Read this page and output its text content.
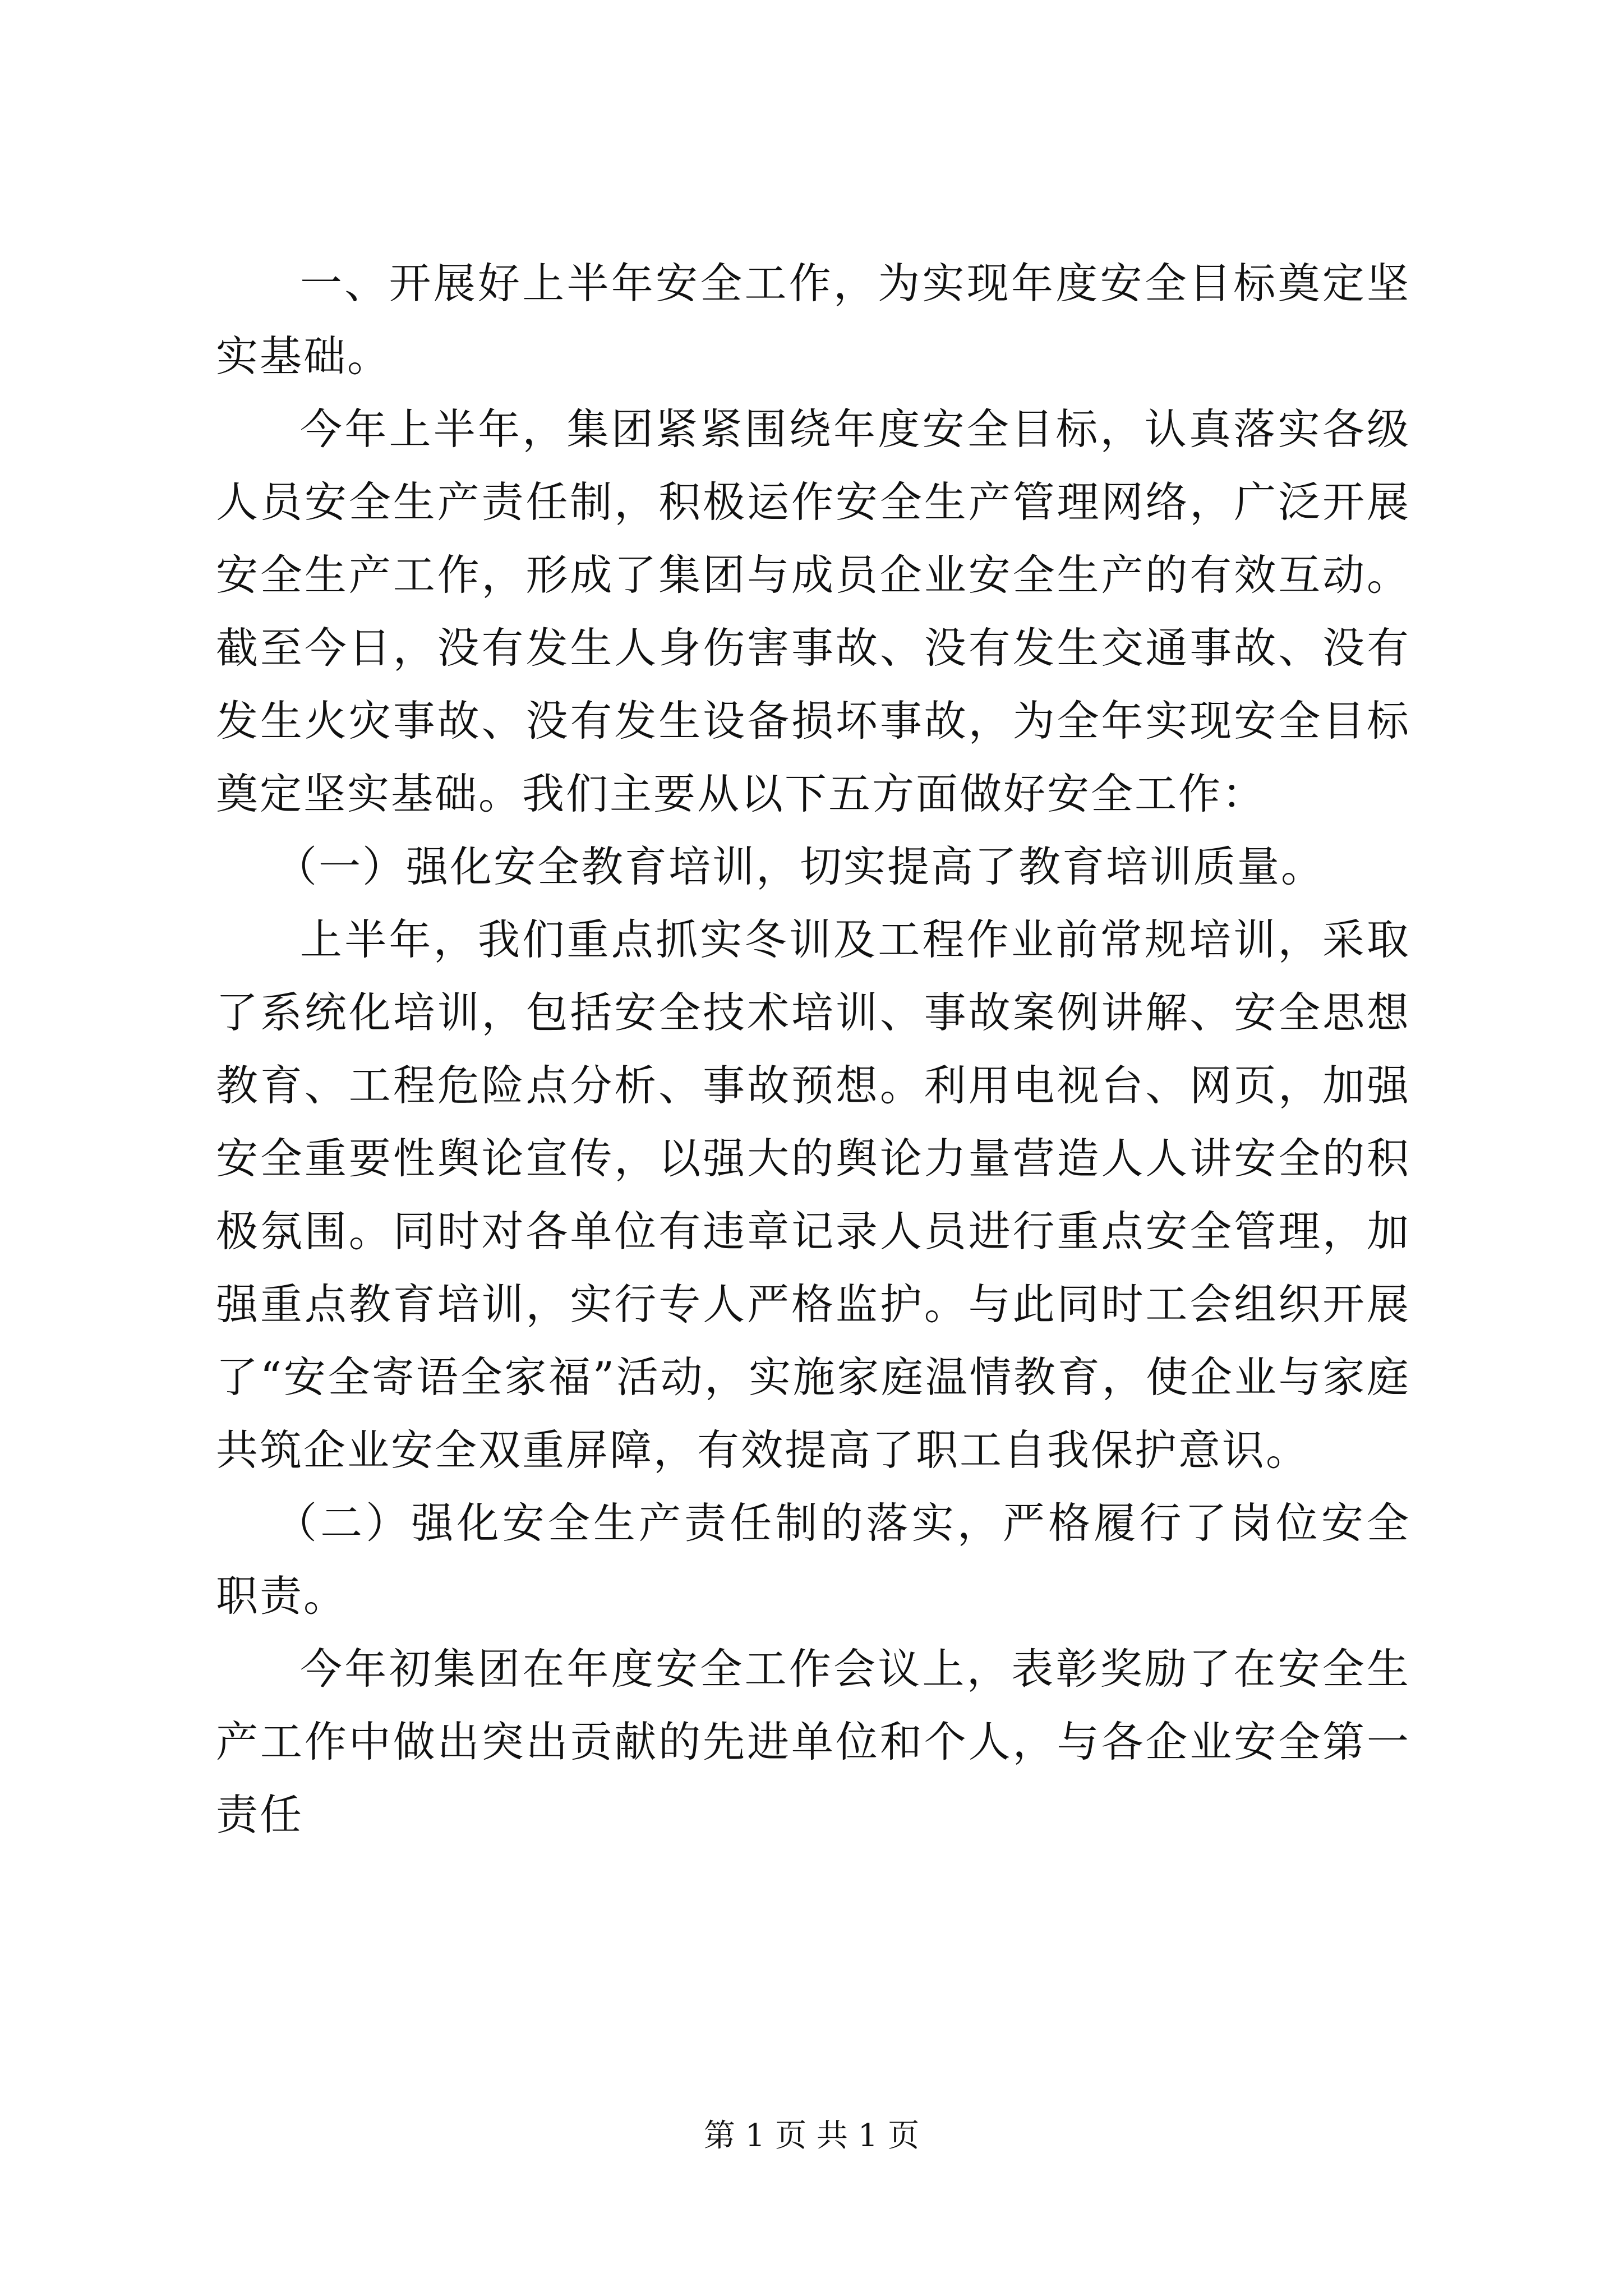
一、开展好上半年安全工作，为实现年度安全目标奠定坚实基础。

今年上半年，集团紧紧围绕年度安全目标，认真落实各级人员安全生产责任制，积极运作安全生产管理网络，广泛开展安全生产工作，形成了集团与成员企业安全生产的有效互动。截至今日，没有发生人身伤害事故、没有发生交通事故、没有发生火灾事故、没有发生设备损坏事故，为全年实现安全目标奠定坚实基础。我们主要从以下五方面做好安全工作：

（一）强化安全教育培训，切实提高了教育培训质量。

上半年，我们重点抓实冬训及工程作业前常规培训，采取了系统化培训，包括安全技术培训、事故案例讲解、安全思想教育、工程危险点分析、事故预想。利用电视台、网页，加强安全重要性舆论宣传，以强大的舆论力量营造人人讲安全的积极氛围。同时对各单位有违章记录人员进行重点安全管理，加强重点教育培训，实行专人严格监护。与此同时工会组织开展了“安全寄语全家福”活动，实施家庭温情教育，使企业与家庭共筑企业安全双重屏障，有效提高了职工自我保护意识。

（二）强化安全生产责任制的落实，严格履行了岗位安全职责。

今年初集团在年度安全工作会议上，表彰奖励了在安全生产工作中做出突出贡献的先进单位和个人，与各企业安全第一责任

第 1 页 共 1 页
